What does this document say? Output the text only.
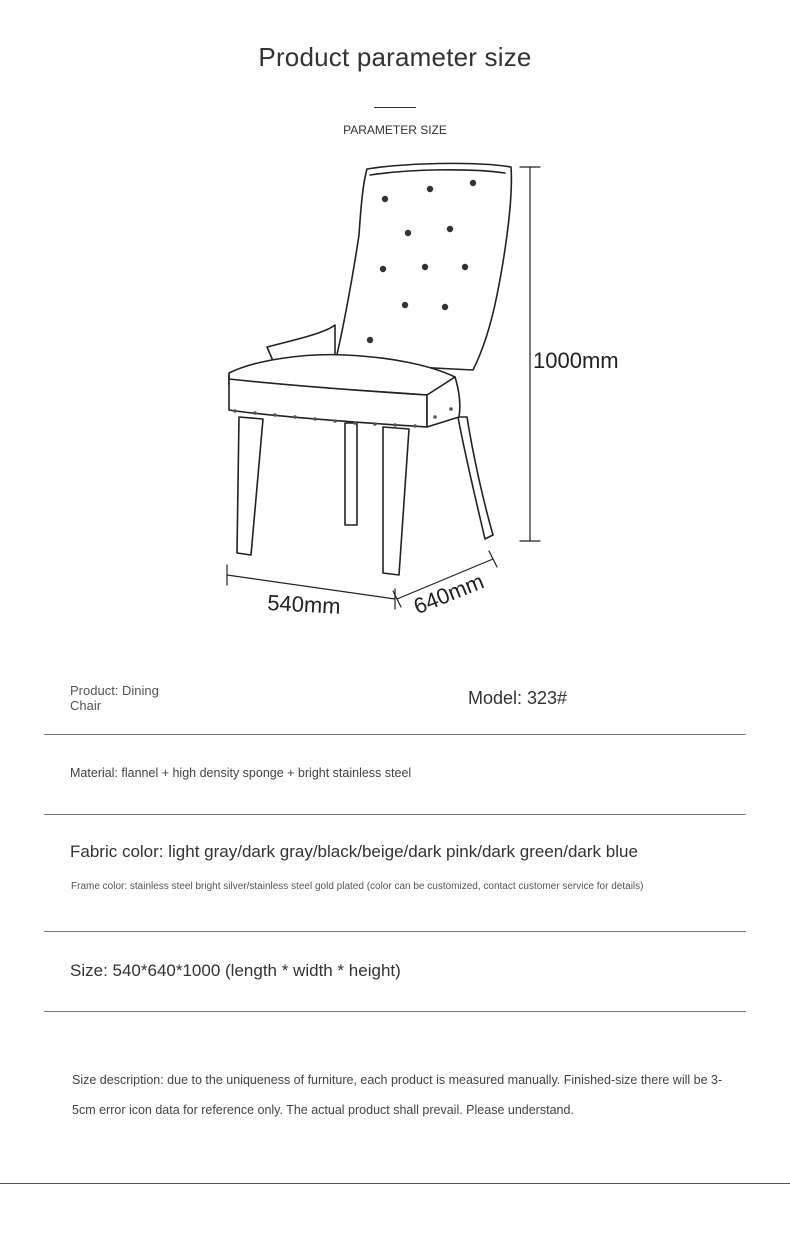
Product parameter size
PARAMETER SIZE
1000mm
540mm	640mm
Product: Dining Chair	Model: 323#
Material: flannel + high density sponge + bright stainless steel
Fabric color: light gray/dark gray/black/beige/dark pink/dark green/dark blue
Frame color: stainless steel bright silver/stainless steel gold plated (color can be customized, contact customer service for details)
Size: 540*640*1000 (length * width * height)
Size description: due to the uniqueness of furniture, each product is measured manually. Finished-size there will be 3-5cm error icon data for reference only. The actual product shall prevail. Please understand.
